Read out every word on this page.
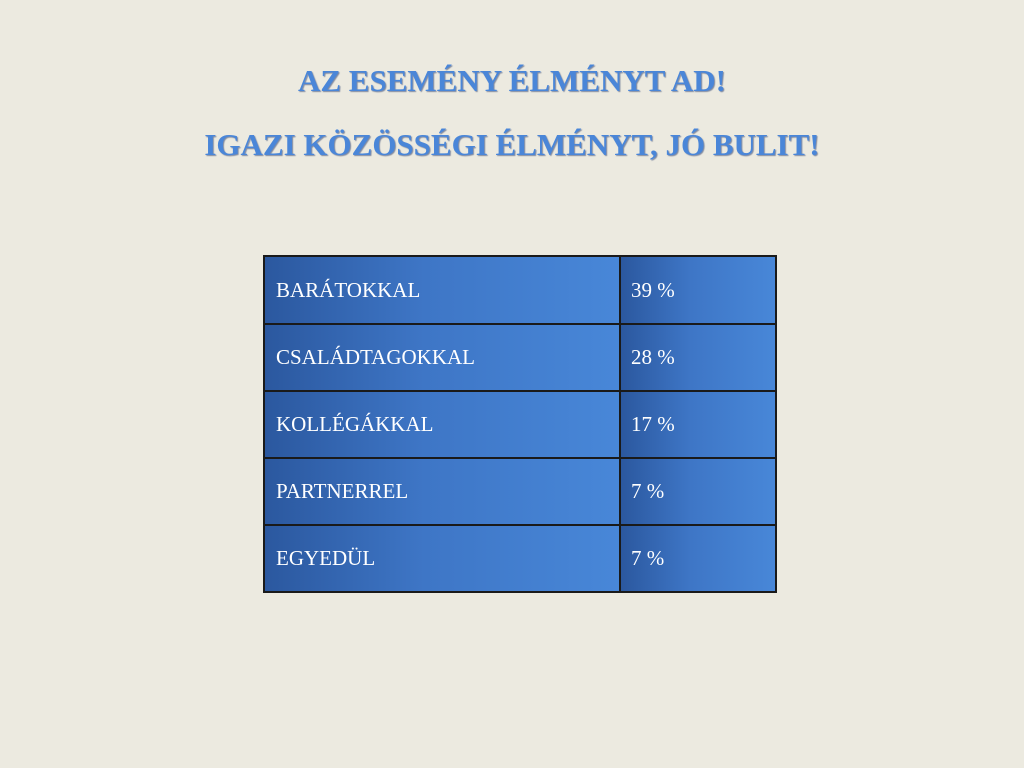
AZ ESEMÉNY ÉLMÉNYT AD!
IGAZI KÖZÖSSÉGI ÉLMÉNYT, JÓ BULIT!
BARÁTOKKAL	39 %
CSALÁDTAGOKKAL	28 %
KOLLÉGÁKKAL	17 %
PARTNERREL	7 %
EGYEDÜL	7 %
